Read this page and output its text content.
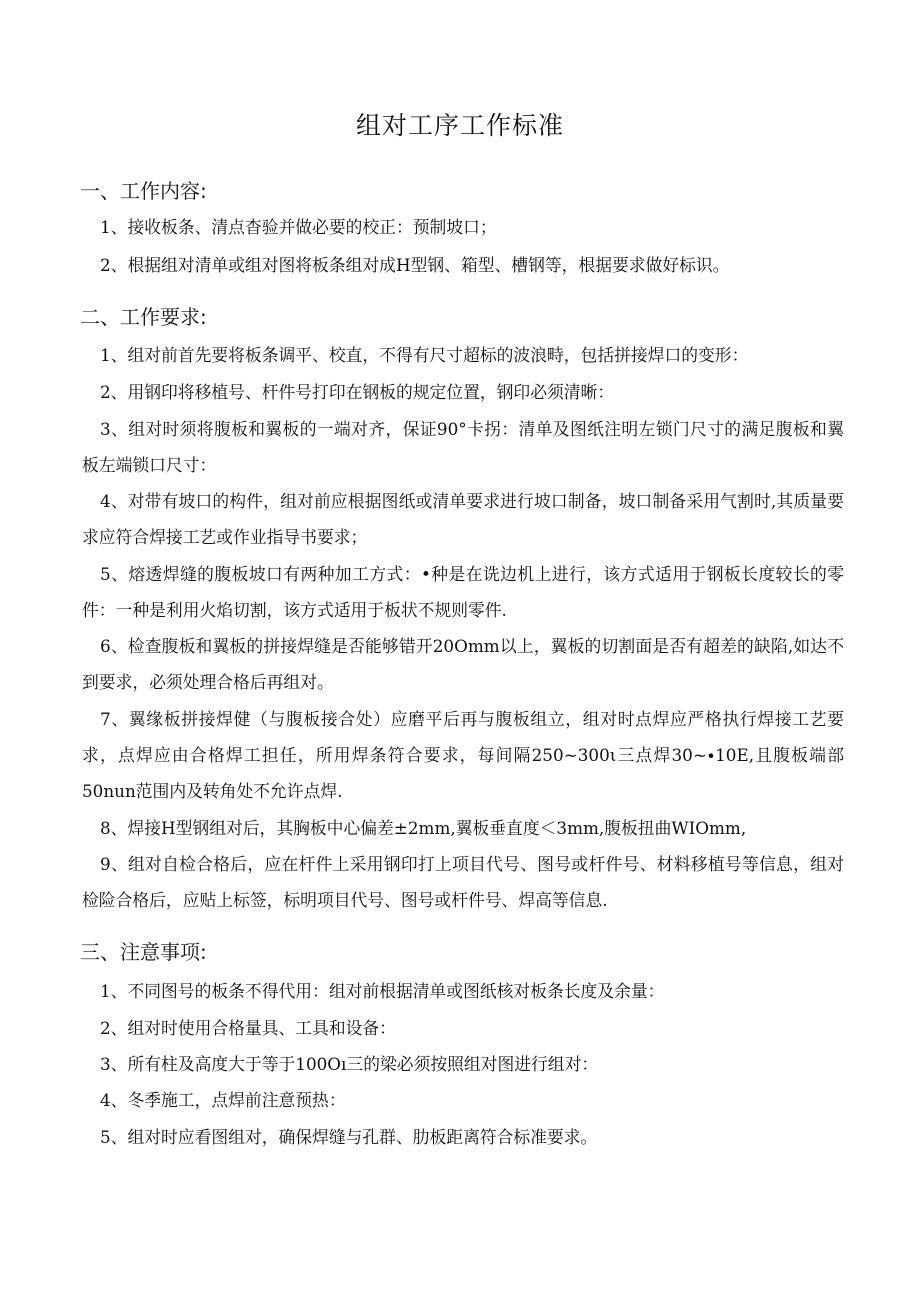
组对工序工作标准
一、工作内容:
1、接收板条、清点杳验并做必要的校正：预制坡口；
2、根据组对清单或组对图将板条组对成H型钢、箱型、槽钢等，根据要求做好标识。
二、工作要求:
1、组对前首先要将板条调平、校直，不得有尺寸超标的波浪畤，包括拼接焊口的变形：
2、用钢印将移植号、杆件号打印在钢板的规定位置，钢印必须清晰：
3、组对时须将腹板和翼板的一端对齐，保证90°卡拐：清单及图纸注明左锁门尺寸的满足腹板和翼板左端锁口尺寸：
4、对带有坡口的构件，组对前应根据图纸或清单要求进行坡口制备，坡口制备采用气割时,其质量要求应符合焊接工艺或作业指导书要求；
5、熔透焊缝的腹板坡口有两种加工方式：•种是在诜边机上进行，该方式适用于钢板长度较长的零件：一种是利用火焰切割，该方式适用于板状不规则零件.
6、检查腹板和翼板的拼接焊缝是否能够错开20Omm以上，翼板的切割面是否有超差的缺陷,如达不到要求，必须处理合格后再组对。
7、翼缘板拼接焊健（与腹板接合处）应磨平后再与腹板组立，组对时点焊应严格执行焊接工艺要求，点焊应由合格焊工担任，所用焊条符合要求，每间隔250~300ι三点焊30~∙10E,且腹板端部50nun范围内及转角处不允许点焊.
8、焊接H型钢组对后，其胸板中心偏差±2mm,翼板垂直度＜3mm,腹板扭曲WIOmm,
9、组对自检合格后，应在杆件上采用钢印打上项目代号、图号或杆件号、材料移植号等信息，组对检险合格后，应贴上标签，标明项目代号、图号或杆件号、焊高等信息.
三、注意事项:
1、不同图号的板条不得代用：组对前根据清单或图纸核对板条长度及余量：
2、组对时使用合格量具、工具和设备：
3、所有柱及高度大于等于100Oı三的梁必须按照组对图进行组对：
4、冬季施工，点焊前注意预热：
5、组对时应看图组对，确保焊缝与孔群、肋板距离符合标准要求。
